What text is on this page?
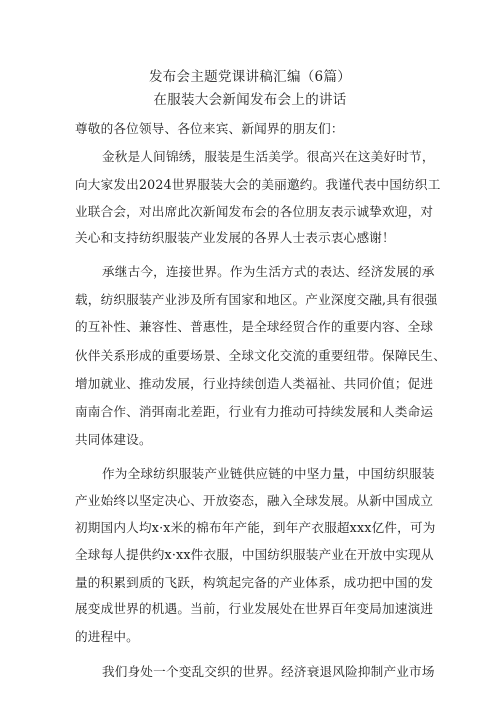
发布会主题党课讲稿汇编（6篇）
在服装大会新闻发布会上的讲话
尊敬的各位领导、各位来宾、新闻界的朋友们：
金秋是人间锦绣，服装是生活美学。很高兴在这美好时节，
向大家发出2024世界服装大会的美丽邀约。我谨代表中国纺织工
业联合会，对出席此次新闻发布会的各位朋友表示诚挚欢迎，对
关心和支持纺织服装产业发展的各界人士表示衷心感谢！
承继古今，连接世界。作为生活方式的表达、经济发展的承
载，纺织服装产业涉及所有国家和地区。产业深度交融,具有很强
的互补性、兼容性、普惠性，是全球经贸合作的重要内容、全球
伙伴关系形成的重要场景、全球文化交流的重要纽带。保障民生、
增加就业、推动发展，行业持续创造人类福祉、共同价值；促进
南南合作、消弭南北差距，行业有力推动可持续发展和人类命运
共同体建设。
作为全球纺织服装产业链供应链的中坚力量，中国纺织服装
产业始终以坚定决心、开放姿态，融入全球发展。从新中国成立
初期国内人均x·x米的棉布年产能，到年产衣服超xxx亿件，可为
全球每人提供约x·xx件衣服，中国纺织服装产业在开放中实现从
量的积累到质的飞跃，构筑起完备的产业体系，成功把中国的发
展变成世界的机遇。当前，行业发展处在世界百年变局加速演进
的进程中。
我们身处一个变乱交织的世界。经济衰退风险抑制产业市场
